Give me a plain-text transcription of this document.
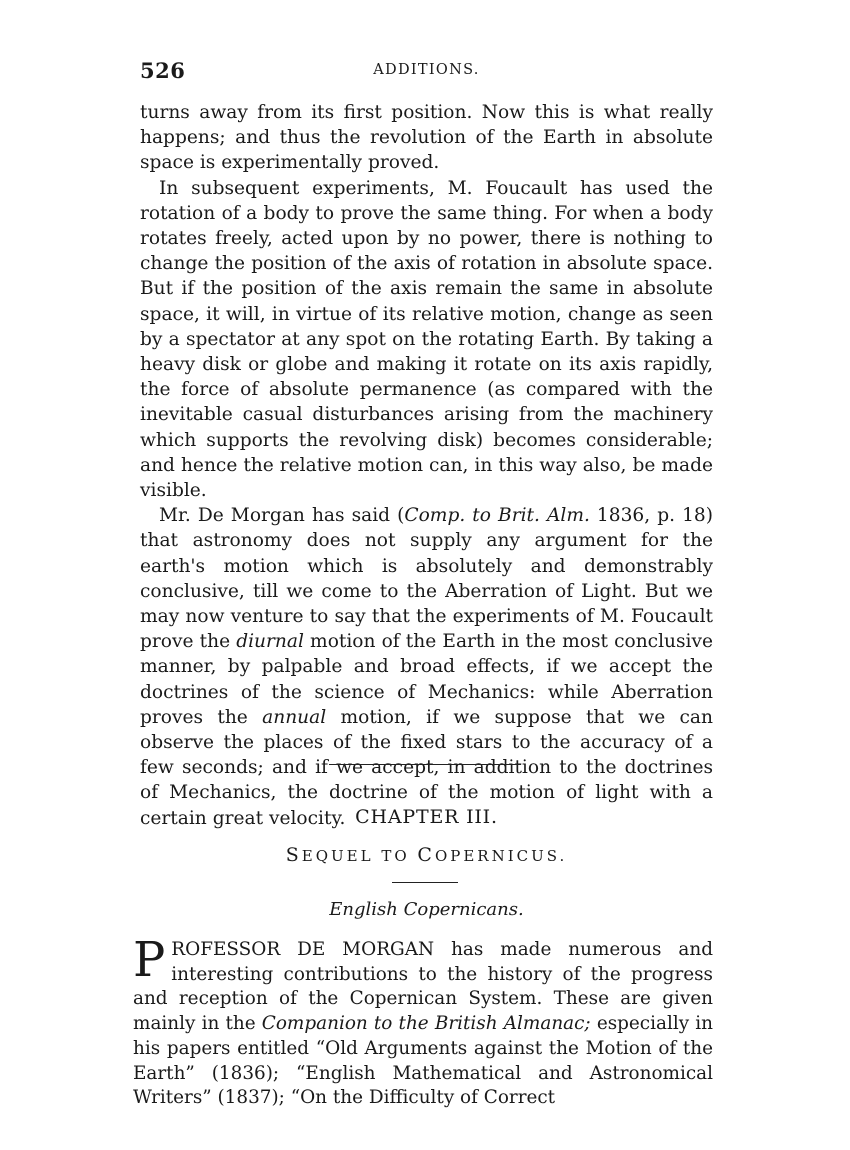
526	ADDITIONS.

turns away from its first position. Now this is what really happens; and thus the revolution of the Earth in absolute space is experimentally proved.

In subsequent experiments, M. Foucault has used the rotation of a body to prove the same thing. For when a body rotates freely, acted upon by no power, there is nothing to change the position of the axis of rotation in absolute space. But if the position of the axis remain the same in absolute space, it will, in virtue of its relative motion, change as seen by a spectator at any spot on the rotating Earth. By taking a heavy disk or globe and making it rotate on its axis rapidly, the force of absolute permanence (as compared with the inevitable casual disturbances arising from the machinery which supports the revolving disk) becomes considerable; and hence the relative motion can, in this way also, be made visible.

Mr. De Morgan has said (Comp. to Brit. Alm. 1836, p. 18) that astronomy does not supply any argument for the earth's motion which is absolutely and demonstrably conclusive, till we come to the Aberration of Light. But we may now venture to say that the experiments of M. Foucault prove the diurnal motion of the Earth in the most conclusive manner, by palpable and broad effects, if we accept the doctrines of the science of Mechanics: while Aberration proves the annual motion, if we suppose that we can observe the places of the fixed stars to the accuracy of a few seconds; and if we accept, in addition to the doctrines of Mechanics, the doctrine of the motion of light with a certain great velocity. CHAPTER III.
SEQUEL TO COPERNICUS.
English Copernicans.

PROFESSOR DE MORGAN has made numerous and interesting contributions to the history of the progress and reception of the Copernican System. These are given mainly in the Companion to the British Almanac; especially in his papers entitled “Old Arguments against the Motion of the Earth” (1836); “English Mathematical and Astronomical Writers” (1837); “On the Difficulty of Correct
